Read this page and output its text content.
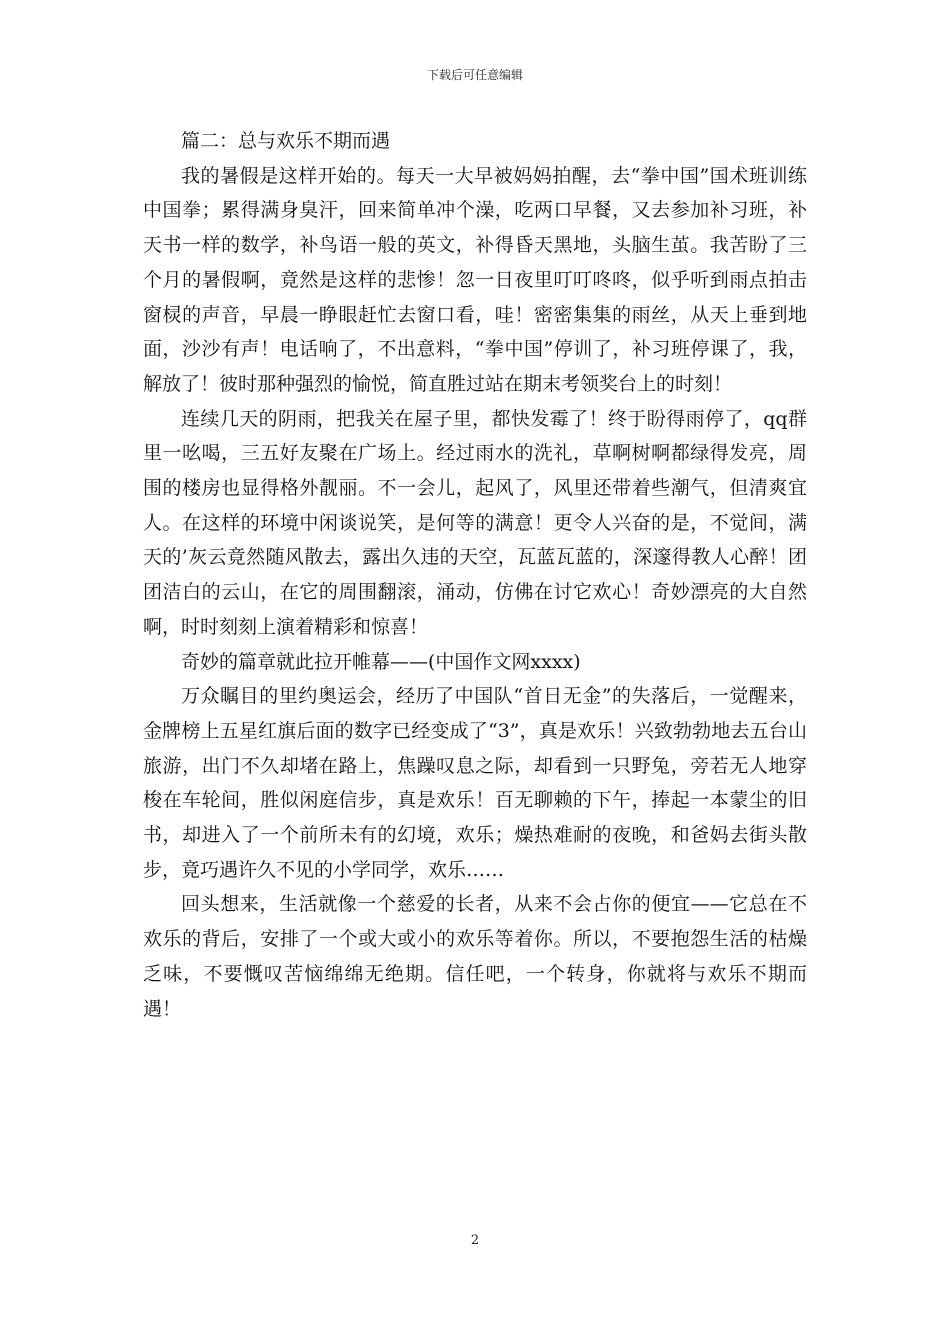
下载后可任意编辑

篇二：总与欢乐不期而遇

我的暑假是这样开始的。每天一大早被妈妈拍醒，去“拳中国”国术班训练中国拳；累得满身臭汗，回来简单冲个澡，吃两口早餐，又去参加补习班，补天书一样的数学，补鸟语一般的英文，补得昏天黑地，头脑生茧。我苦盼了三个月的暑假啊，竟然是这样的悲惨！忽一日夜里叮叮咚咚，似乎听到雨点拍击窗棂的声音，早晨一睁眼赶忙去窗口看，哇！密密集集的雨丝，从天上垂到地面，沙沙有声！电话响了，不出意料，“拳中国”停训了，补习班停课了，我，解放了！彼时那种强烈的愉悦，简直胜过站在期末考领奖台上的时刻！

连续几天的阴雨，把我关在屋子里，都快发霉了！终于盼得雨停了，qq群里一吆喝，三五好友聚在广场上。经过雨水的洗礼，草啊树啊都绿得发亮，周围的楼房也显得格外靓丽。不一会儿，起风了，风里还带着些潮气，但清爽宜人。在这样的环境中闲谈说笑，是何等的满意！更令人兴奋的是，不觉间，满天的’灰云竟然随风散去，露出久违的天空，瓦蓝瓦蓝的，深邃得教人心醉！团团洁白的云山，在它的周围翻滚，涌动，仿佛在讨它欢心！奇妙漂亮的大自然啊，时时刻刻上演着精彩和惊喜！

奇妙的篇章就此拉开帷幕——(中国作文网xxxx)

万众瞩目的里约奥运会，经历了中国队“首日无金”的失落后，一觉醒来，金牌榜上五星红旗后面的数字已经变成了“3”，真是欢乐！兴致勃勃地去五台山旅游，出门不久却堵在路上，焦躁叹息之际，却看到一只野兔，旁若无人地穿梭在车轮间，胜似闲庭信步，真是欢乐！百无聊赖的下午，捧起一本蒙尘的旧书，却进入了一个前所未有的幻境，欢乐；燥热难耐的夜晚，和爸妈去街头散步，竟巧遇许久不见的小学同学，欢乐……

回头想来，生活就像一个慈爱的长者，从来不会占你的便宜——它总在不欢乐的背后，安排了一个或大或小的欢乐等着你。所以，不要抱怨生活的枯燥乏味，不要慨叹苦恼绵绵无绝期。信任吧，一个转身，你就将与欢乐不期而遇！

2
